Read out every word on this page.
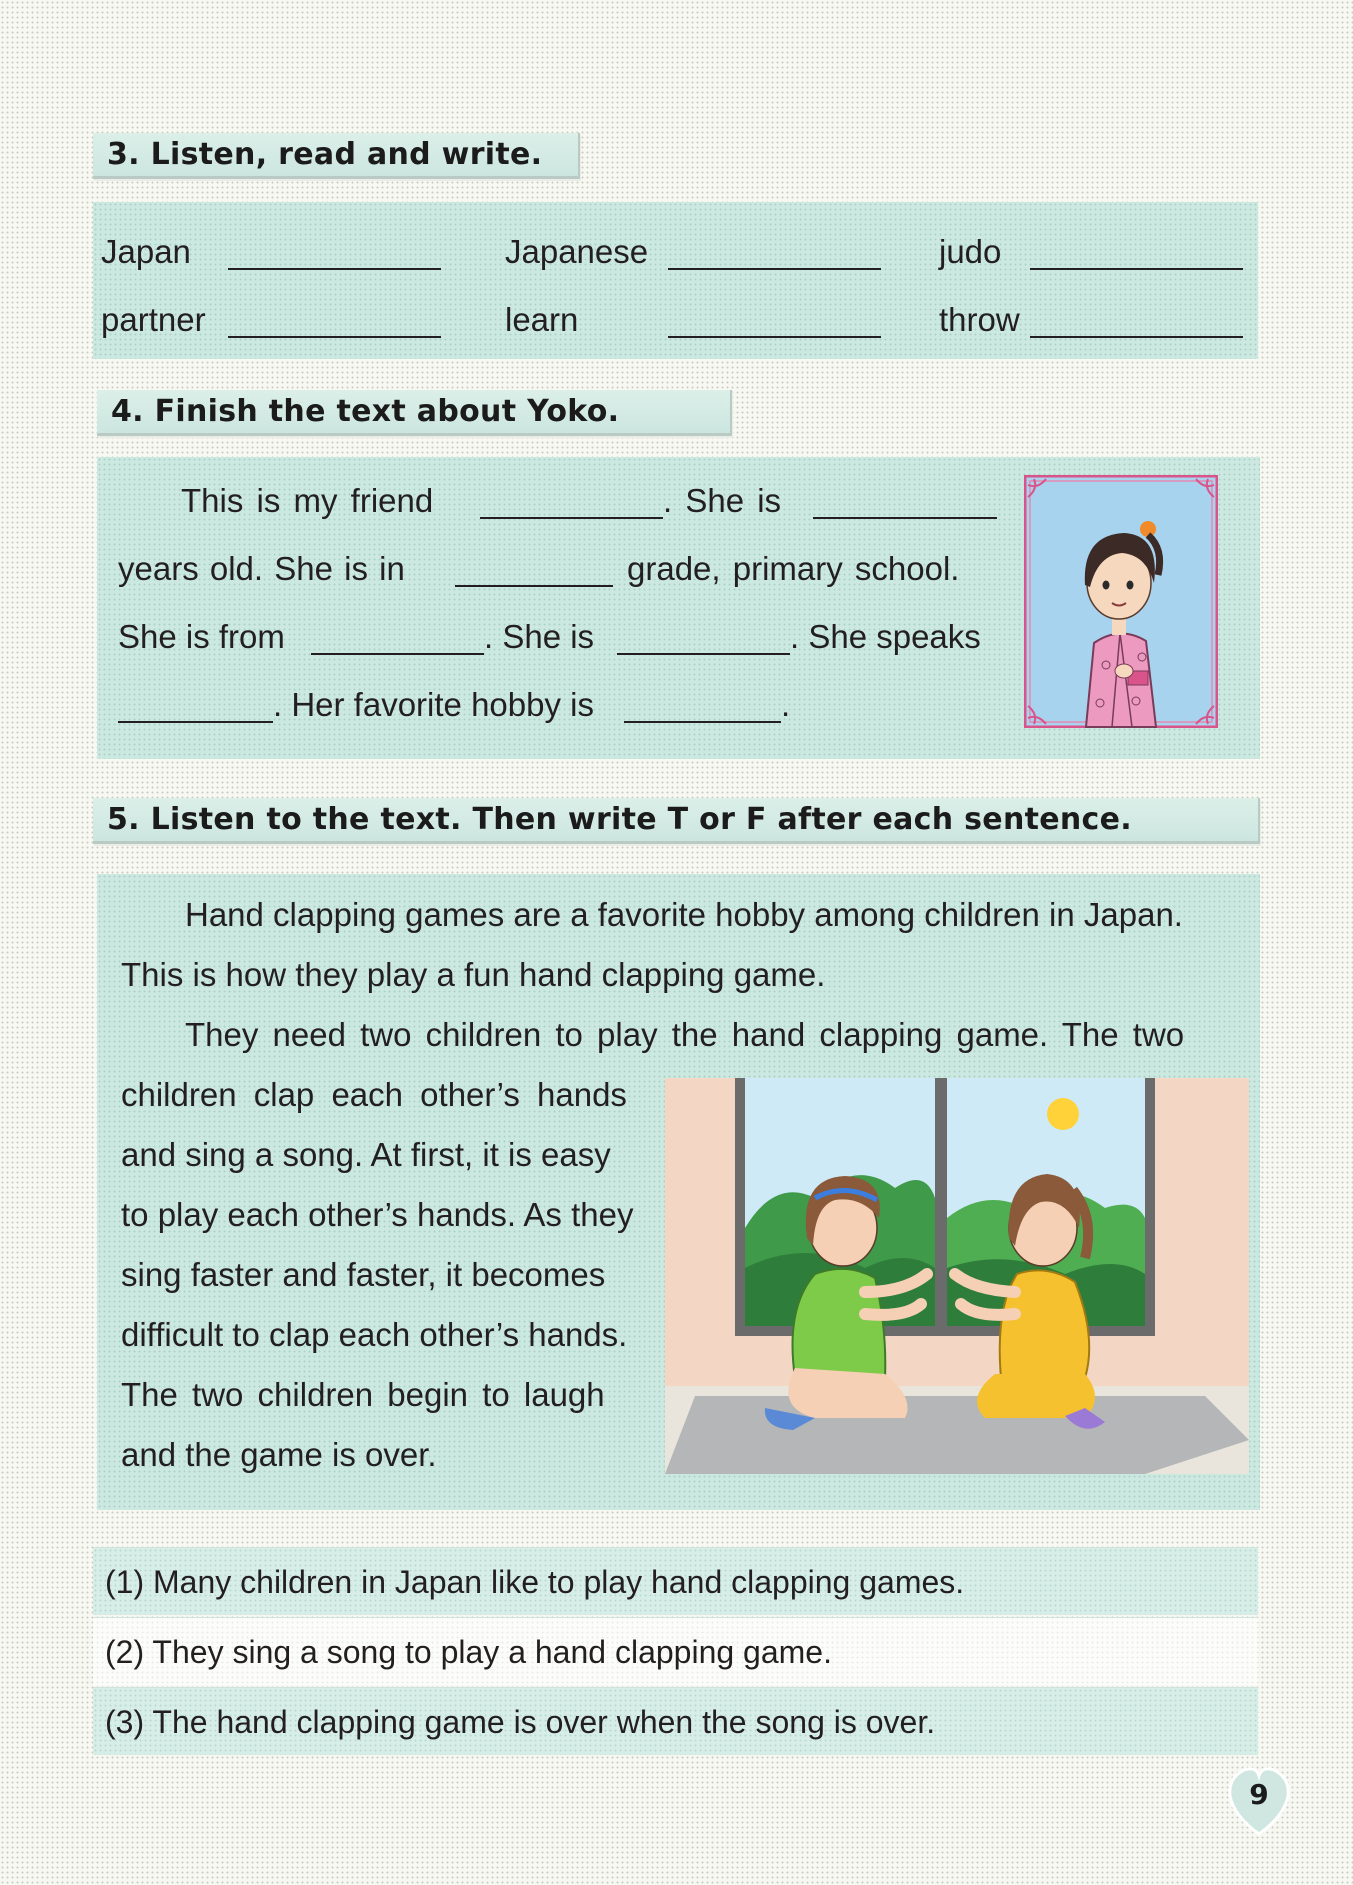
3. Listen, read and write.
Japan	Japanese	judo
partner	learn	throw
4. Finish the text about Yoko.
This is my friend	. She is
years old. She is in	grade, primary school.
She is from	. She is	. She speaks
. Her favorite hobby is	.
5. Listen to the text. Then write T or F after each sentence.
Hand clapping games are a favorite hobby among children in Japan.
This is how they play a fun hand clapping game.
They need two children to play the hand clapping game. The two
children clap each other’s hands
and sing a song. At first, it is easy
to play each other’s hands. As they
sing faster and faster, it becomes
difficult to clap each other’s hands.
The two children begin to laugh
and the game is over.
(1) Many children in Japan like to play hand clapping games.
(2) They sing a song to play a hand clapping game.
(3) The hand clapping game is over when the song is over.
9
